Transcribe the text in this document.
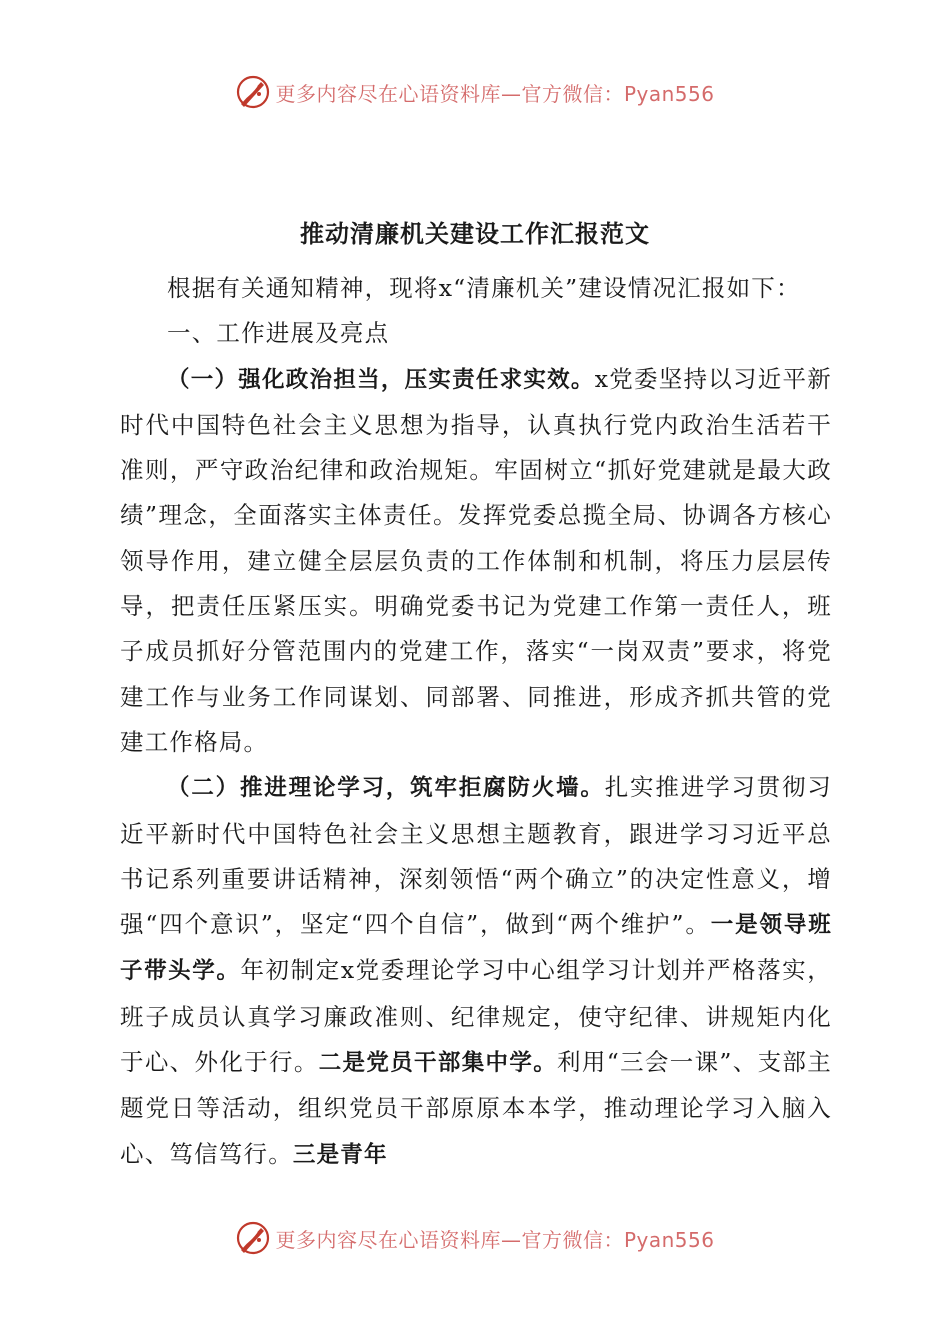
更多内容尽在心语资料库—官方微信：Pyan556
推动清廉机关建设工作汇报范文

根据有关通知精神，现将x“清廉机关”建设情况汇报如下：

一、工作进展及亮点

（一）强化政治担当，压实责任求实效。x党委坚持以习近平新时代中国特色社会主义思想为指导，认真执行党内政治生活若干准则，严守政治纪律和政治规矩。牢固树立“抓好党建就是最大政绩”理念，全面落实主体责任。发挥党委总揽全局、协调各方核心领导作用，建立健全层层负责的工作体制和机制，将压力层层传导，把责任压紧压实。明确党委书记为党建工作第一责任人，班子成员抓好分管范围内的党建工作，落实“一岗双责”要求，将党建工作与业务工作同谋划、同部署、同推进，形成齐抓共管的党建工作格局。

（二）推进理论学习，筑牢拒腐防火墙。扎实推进学习贯彻习近平新时代中国特色社会主义思想主题教育，跟进学习习近平总书记系列重要讲话精神，深刻领悟“两个确立”的决定性意义，增强“四个意识”，坚定“四个自信”，做到“两个维护”。一是领导班子带头学。年初制定x党委理论学习中心组学习计划并严格落实，班子成员认真学习廉政准则、纪律规定，使守纪律、讲规矩内化于心、外化于行。二是党员干部集中学。利用“三会一课”、支部主题党日等活动，组织党员干部原原本本学，推动理论学习入脑入心、笃信笃行。三是青年

更多内容尽在心语资料库—官方微信：Pyan556
